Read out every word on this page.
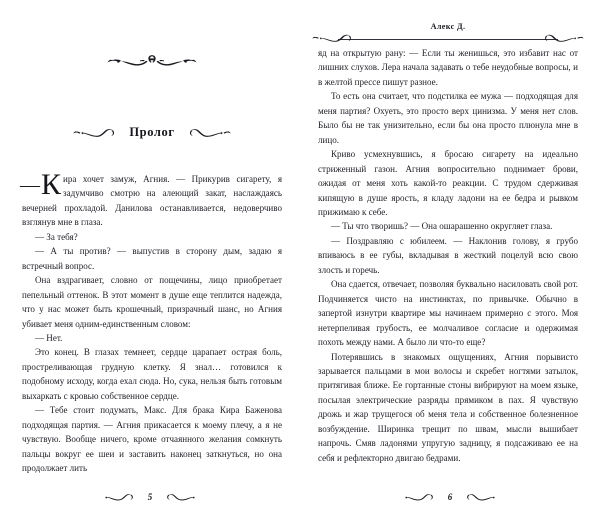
Пролог

— К ира хочет замуж, Агния. — Прикурив сигарету, я задумчиво смотрю на алеющий закат, наслаждаясь вечерней прохладой. Данилова останавливается, недоверчиво взглянув мне в глаза.

— За тебя?

— А ты против? — выпустив в сторону дым, задаю я встречный вопрос.

Она вздрагивает, словно от пощечины, лицо приобретает пепельный оттенок. В этот момент в душе еще теплится надежда, что у нас может быть крошечный, призрачный шанс, но Агния убивает меня одним-единственным словом:

— Нет.

Это конец. В глазах темнеет, сердце царапает острая боль, простреливающая грудную клетку. Я знал… готовился к подобному исходу, когда ехал сюда. Но, сука, нельзя быть готовым выхаркать с кровью собственное сердце.

— Тебе стоит подумать, Макс. Для брака Кира Баженова подходящая партия. — Агния прикасается к моему плечу, а я не чувствую. Вообще ничего, кроме отчаянного желания сомкнуть пальцы вокруг ее шеи и заставить наконец заткнуться, но она продолжает лить

5
Алекс Д.

яд на открытую рану: — Если ты женишься, это избавит нас от лишних слухов. Лера начала задавать о тебе неудобные вопросы, и в желтой прессе пишут разное.

То есть она считает, что подстилка ее мужа — подходящая для меня партия? Охуеть, это просто верх цинизма. У меня нет слов. Было бы не так унизительно, если бы она просто плюнула мне в лицо.

Криво усмехнувшись, я бросаю сигарету на идеально стриженный газон. Агния вопросительно поднимает брови, ожидая от меня хоть какой-то реакции. С трудом сдерживая кипящую в душе ярость, я кладу ладони на ее бедра и рывком прижимаю к себе.

— Ты что творишь? — Она ошарашенно округляет глаза.

— Поздравляю с юбилеем. — Наклонив голову, я грубо впиваюсь в ее губы, вкладывая в жесткий поцелуй всю свою злость и горечь.

Она сдается, отвечает, позволяя буквально насиловать свой рот. Подчиняется чисто на инстинктах, по привычке. Обычно в запертой изнутри квартире мы начинаем примерно с этого. Моя нетерпеливая грубость, ее молчаливое согласие и одержимая похоть между нами. А было ли что-то еще?

Потерявшись в знакомых ощущениях, Агния порывисто зарывается пальцами в мои волосы и скребет ногтями затылок, притягивая ближе. Ее гортанные стоны вибрируют на моем языке, посылая электрические разряды прямиком в пах. Я чувствую дрожь и жар трущегося об меня тела и собственное болезненное возбуждение. Ширинка трещит по швам, мысли вышибает напрочь. Смяв ладонями упругую задницу, я подсаживаю ее на себя и рефлекторно двигаю бедрами.

6
